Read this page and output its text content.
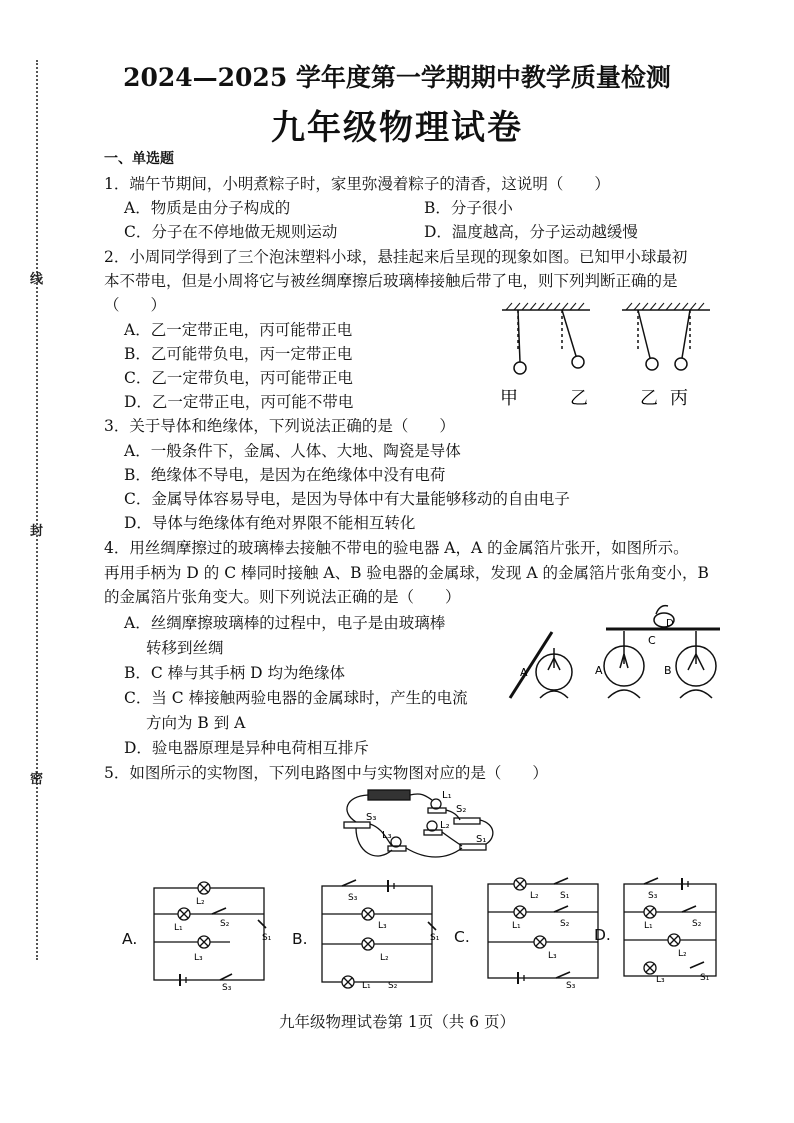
线
封
密
2024—2025 学年度第一学期期中教学质量检测
九年级物理试卷
一、单选题
1．端午节期间，小明煮粽子时，家里弥漫着粽子的清香，这说明（　　）
A．物质是由分子构成的	B．分子很小
C．分子在不停地做无规则运动	D．温度越高，分子运动越缓慢
2．小周同学得到了三个泡沫塑料小球，悬挂起来后呈现的现象如图。已知甲小球最初
本不带电，但是小周将它与被丝绸摩擦后玻璃棒接触后带了电，则下列判断正确的是
（　　）
A．乙一定带正电，丙可能带正电
B．乙可能带负电，丙一定带正电
C．乙一定带负电，丙可能带正电
D．乙一定带正电，丙可能不带电	甲	乙	乙 丙
3．关于导体和绝缘体，下列说法正确的是（　　）
A．一般条件下，金属、人体、大地、陶瓷是导体
B．绝缘体不导电，是因为在绝缘体中没有电荷
C．金属导体容易导电，是因为导体中有大量能够移动的自由电子
D．导体与绝缘体有绝对界限不能相互转化
4．用丝绸摩擦过的玻璃棒去接触不带电的验电器 A，A 的金属箔片张开，如图所示。
再用手柄为 D 的 C 棒同时接触 A、B 验电器的金属球，发现 A 的金属箔片张角变小，B
的金属箔片张角变大。则下列说法正确的是（　　）
A．丝绸摩擦玻璃棒的过程中，电子是由玻璃棒
转移到丝绸
B．C 棒与其手柄 D 均为绝缘体
C．当 C 棒接触两验电器的金属球时，产生的电流
方向为 B 到 A
D．验电器原理是异种电荷相互排斥
A	A	B
C
D
5．如图所示的实物图，下列电路图中与实物图对应的是（　　）
L₁
L₂
L₃
S₂
S₃
S₁
A.	B.	C.	D.
L₂
L₁	S₂
S₁
L₃
S₃
S₃
L₃
S₁
L₂
L₁ S₂
L₂ S₁
L₁	S₂
L₃
S₃
S₃
L₁	S₂
L₂
L₃	S₁
九年级物理试卷第 1页（共 6 页）
